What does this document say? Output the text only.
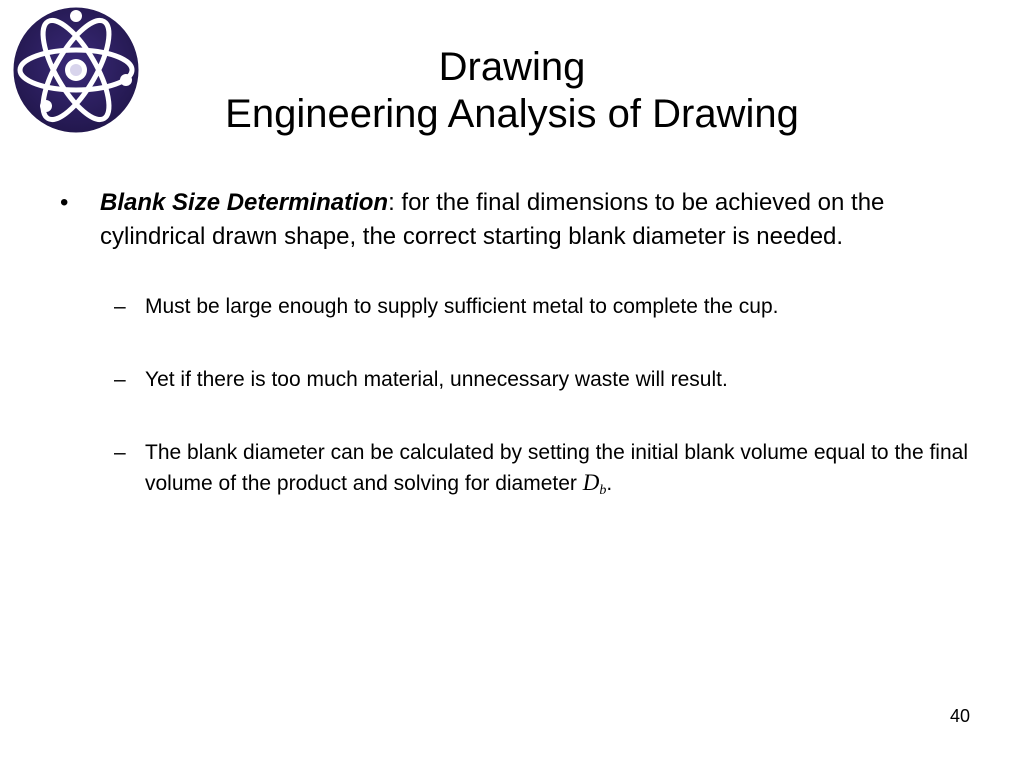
Drawing
Engineering Analysis of Drawing

• Blank Size Determination: for the final dimensions to be achieved on the cylindrical drawn shape, the correct starting blank diameter is needed.

– Must be large enough to supply sufficient metal to complete the cup.
– Yet if there is too much material, unnecessary waste will result.
– The blank diameter can be calculated by setting the initial blank volume equal to the final volume of the product and solving for diameter $D_b$.
40
